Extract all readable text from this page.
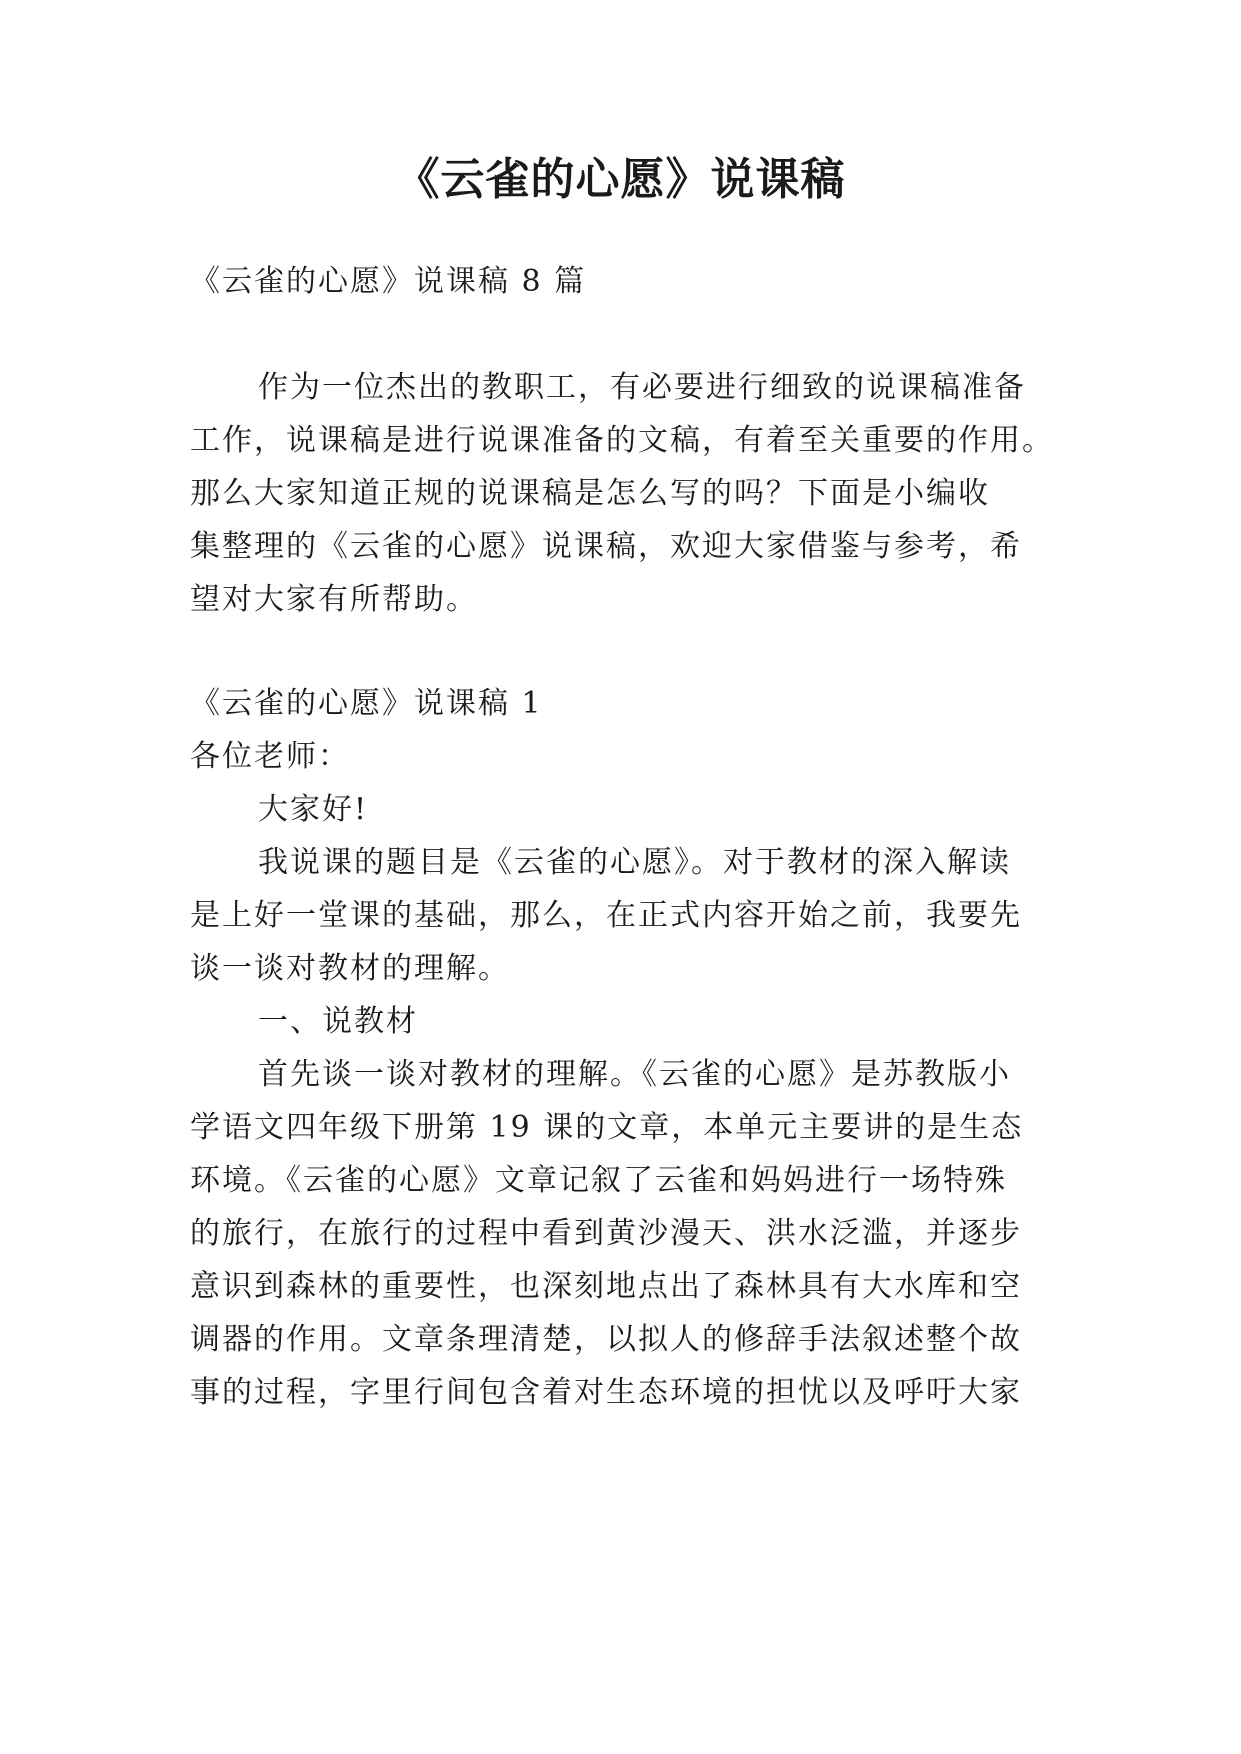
《云雀的心愿》说课稿

《云雀的心愿》说课稿 8 篇

作为一位杰出的教职工，有必要进行细致的说课稿准备

工作，说课稿是进行说课准备的文稿，有着至关重要的作用。

那么大家知道正规的说课稿是怎么写的吗？下面是小编收

集整理的《云雀的心愿》说课稿，欢迎大家借鉴与参考，希

望对大家有所帮助。

《云雀的心愿》说课稿 1

各位老师：

大家好!

我说课的题目是《云雀的心愿》。对于教材的深入解读

是上好一堂课的基础，那么，在正式内容开始之前，我要先

谈一谈对教材的理解。

一、说教材

首先谈一谈对教材的理解。《云雀的心愿》是苏教版小

学语文四年级下册第 19 课的文章，本单元主要讲的是生态

环境。《云雀的心愿》文章记叙了云雀和妈妈进行一场特殊

的旅行，在旅行的过程中看到黄沙漫天、洪水泛滥，并逐步

意识到森林的重要性，也深刻地点出了森林具有大水库和空

调器的作用。文章条理清楚，以拟人的修辞手法叙述整个故

事的过程，字里行间包含着对生态环境的担忧以及呼吁大家
